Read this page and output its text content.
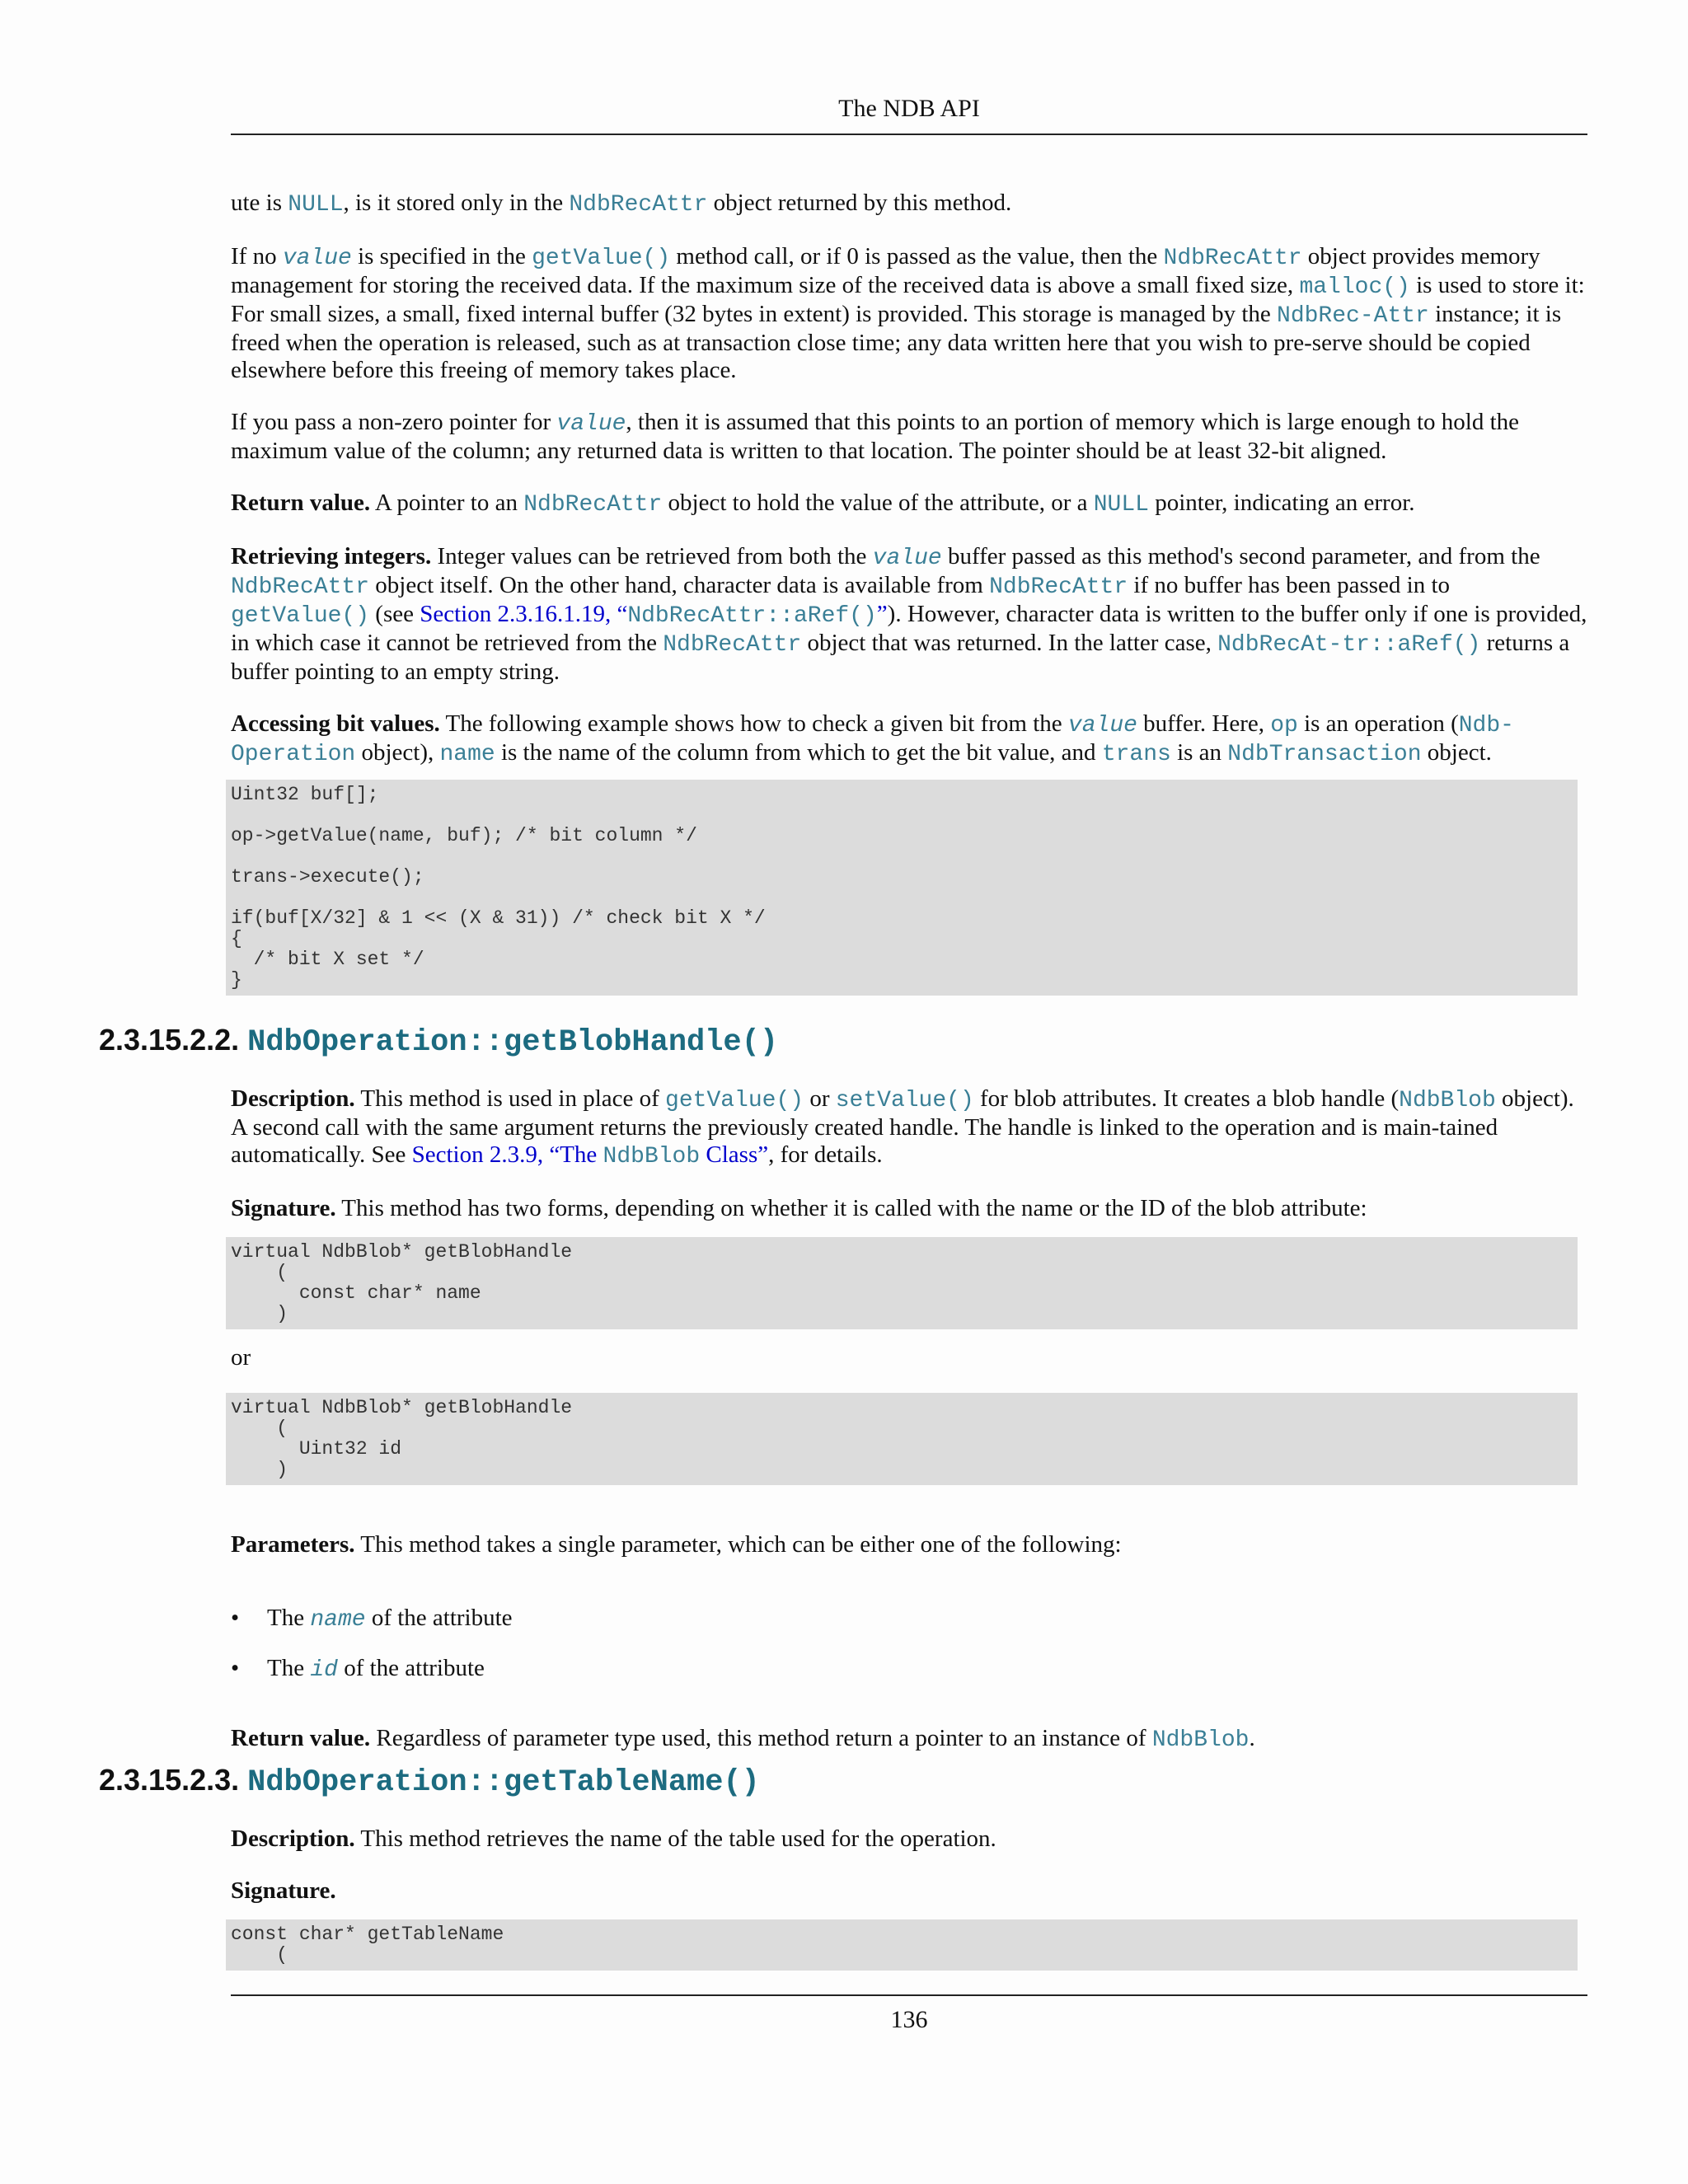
The NDB API

ute is NULL, is it stored only in the NdbRecAttr object returned by this method.

If no value is specified in the getValue() method call, or if 0 is passed as the value, then the NdbRecAttr object provides memory management for storing the received data. If the maximum size of the received data is above a small fixed size, malloc() is used to store it: For small sizes, a small, fixed internal buffer (32 bytes in extent) is provided. This storage is managed by the NdbRec-Attr instance; it is freed when the operation is released, such as at transaction close time; any data written here that you wish to pre-serve should be copied elsewhere before this freeing of memory takes place.

If you pass a non-zero pointer for value, then it is assumed that this points to an portion of memory which is large enough to hold the maximum value of the column; any returned data is written to that location. The pointer should be at least 32-bit aligned.

Return value. A pointer to an NdbRecAttr object to hold the value of the attribute, or a NULL pointer, indicating an error.

Retrieving integers. Integer values can be retrieved from both the value buffer passed as this method's second parameter, and from the NdbRecAttr object itself. On the other hand, character data is available from NdbRecAttr if no buffer has been passed in to getValue() (see Section 2.3.16.1.19, “NdbRecAttr::aRef()”). However, character data is written to the buffer only if one is provided, in which case it cannot be retrieved from the NdbRecAttr object that was returned. In the latter case, NdbRecAt-tr::aRef() returns a buffer pointing to an empty string.

Accessing bit values. The following example shows how to check a given bit from the value buffer. Here, op is an operation (Ndb-Operation object), name is the name of the column from which to get the bit value, and trans is an NdbTransaction object.

Uint32 buf[];

op->getValue(name, buf); /* bit column */

trans->execute();

if(buf[X/32] & 1 << (X & 31)) /* check bit X */
{
/* bit X set */
}
2.3.15.2.2. NdbOperation::getBlobHandle()

Description. This method is used in place of getValue() or setValue() for blob attributes. It creates a blob handle (NdbBlob object). A second call with the same argument returns the previously created handle. The handle is linked to the operation and is main-tained automatically. See Section 2.3.9, “The NdbBlob Class”, for details.

Signature. This method has two forms, depending on whether it is called with the name or the ID of the blob attribute:

virtual NdbBlob* getBlobHandle
(
const char* name
)

or

virtual NdbBlob* getBlobHandle
(
Uint32 id
)

Parameters. This method takes a single parameter, which can be either one of the following:

• The name of the attribute
• The id of the attribute

Return value. Regardless of parameter type used, this method return a pointer to an instance of NdbBlob.

2.3.15.2.3. NdbOperation::getTableName()

Description. This method retrieves the name of the table used for the operation.

Signature.

const char* getTableName
(
136
